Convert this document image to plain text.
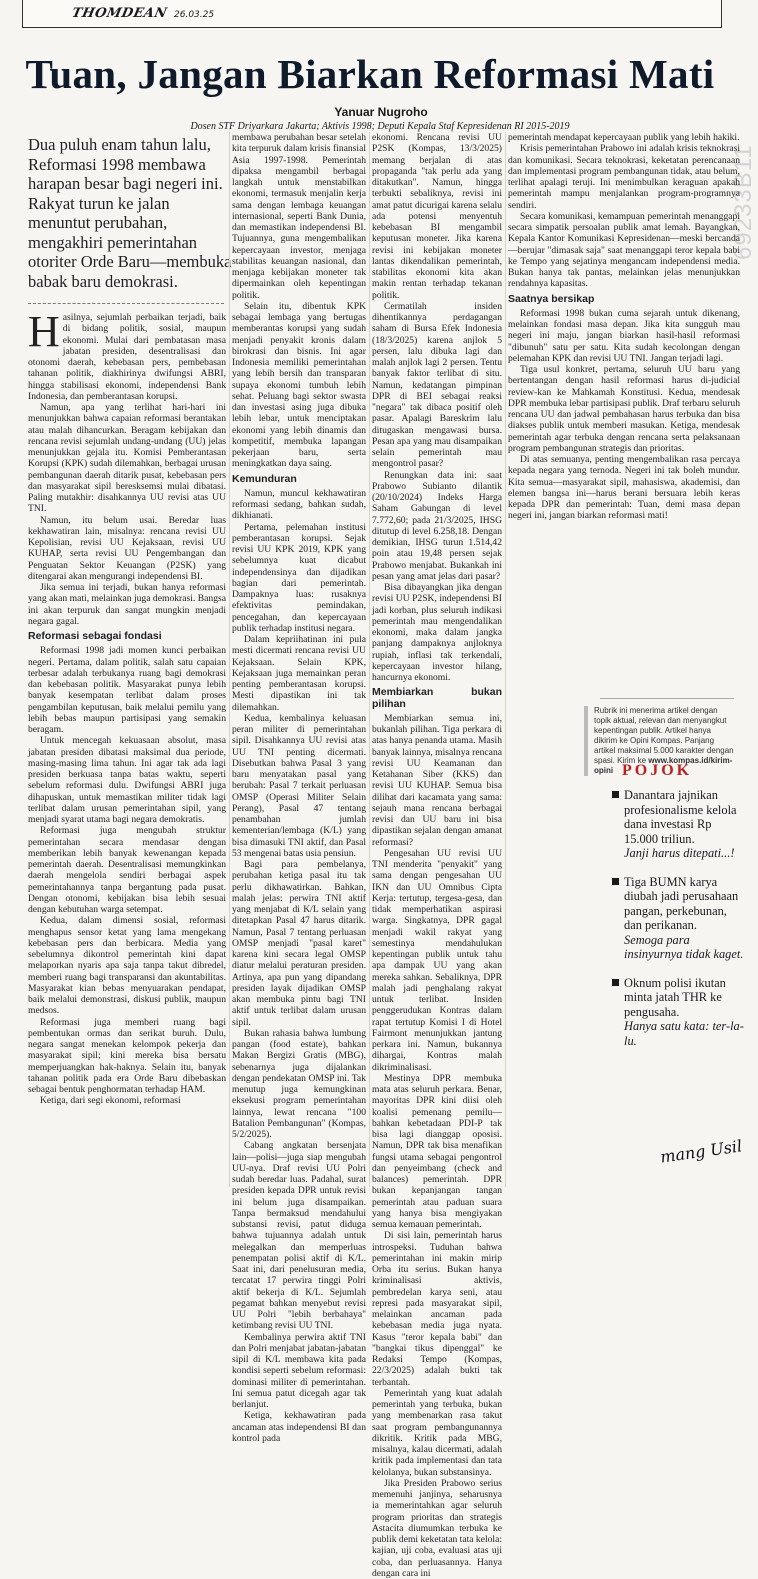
THOMDEAN 26.03.25
69233B11
Tuan, Jangan Biarkan Reformasi Mati
Yanuar Nugroho
Dosen STF Driyarkara Jakarta; Aktivis 1998; Deputi Kepala Staf Kepresidenan RI 2015-2019
Dua puluh enam tahun lalu, Reformasi 1998 membawa harapan besar bagi negeri ini. Rakyat turun ke jalan menuntut perubahan, mengakhiri pemerintahan otoriter Orde Baru—membuka babak baru demokrasi.

Hasilnya, sejumlah perbaikan terjadi, baik di bidang politik, sosial, maupun ekonomi. Mulai dari pembatasan masa jabatan presiden, desentralisasi dan otonomi daerah, kebebasan pers, pembebasan tahanan politik, diakhirinya dwifungsi ABRI, hingga stabilisasi ekonomi, independensi Bank Indonesia, dan pemberantasan korupsi.

Namun, apa yang terlihat hari-hari ini menunjukkan bahwa capaian reformasi berantakan atau malah dihancurkan. Beragam kebijakan dan rencana revisi sejumlah undang-undang (UU) jelas menunjukkan gejala itu. Komisi Pemberantasan Korupsi (KPK) sudah dilemahkan, berbagai urusan pembangunan daerah ditarik pusat, kebebasan pers dan masyarakat sipil beresksemsi mulai dibatasi. Paling mutakhir: disahkannya UU revisi atas UU TNI.

Namun, itu belum usai. Beredar luas kekhawatiran lain, misalnya: rencana revisi UU Kepolisian, revisi UU Kejaksaan, revisi UU KUHAP, serta revisi UU Pengembangan dan Penguatan Sektor Keuangan (P2SK) yang ditengarai akan mengurangi independensi BI.

Jika semua ini terjadi, bukan hanya reformasi yang akan mati, melainkan juga demokrasi. Bangsa ini akan terpuruk dan sangat mungkin menjadi negara gagal.

Reformasi sebagai fondasi

Reformasi 1998 jadi momen kunci perbaikan negeri. Pertama, dalam politik, salah satu capaian terbesar adalah terbukanya ruang bagi demokrasi dan kebebasan politik. Masyarakat punya lebih banyak kesempatan terlibat dalam proses pengambilan keputusan, baik melalui pemilu yang lebih bebas maupun partisipasi yang semakin beragam.

Untuk mencegah kekuasaan absolut, masa jabatan presiden dibatasi maksimal dua periode, masing-masing lima tahun. Ini agar tak ada lagi presiden berkuasa tanpa batas waktu, seperti sebelum reformasi dulu. Dwifungsi ABRI juga dihapuskan, untuk memastikan militer tidak lagi terlibat dalam urusan pemerintahan sipil, yang menjadi syarat utama bagi negara demokratis.

Reformasi juga mengubah struktur pemerintahan secara mendasar dengan memberikan lebih banyak kewenangan kepada pemerintah daerah. Desentralisasi memungkinkan daerah mengelola sendiri berbagai aspek pemerintahannya tanpa bergantung pada pusat. Dengan otonomi, kebijakan bisa lebih sesuai dengan kebutuhan warga setempat.

Kedua, dalam dimensi sosial, reformasi menghapus sensor ketat yang lama mengekang kebebasan pers dan berbicara. Media yang sebelumnya dikontrol pemerintah kini dapat melaporkan nyaris apa saja tanpa takut dibredel, memberi ruang bagi transparansi dan akuntabilitas. Masyarakat kian bebas menyuarakan pendapat, baik melalui demonstrasi, diskusi publik, maupun medsos.

Reformasi juga memberi ruang bagi pembentukan ormas dan serikat buruh. Dulu, negara sangat menekan kelompok pekerja dan masyarakat sipil; kini mereka bisa bersatu memperjuangkan hak-haknya. Selain itu, banyak tahanan politik pada era Orde Baru dibebaskan sebagai bentuk penghormatan terhadap HAM.

Ketiga, dari segi ekonomi, reformasi

membawa perubahan besar setelah kita terpuruk dalam krisis finansial Asia 1997-1998. Pemerintah dipaksa mengambil berbagai langkah untuk menstabilkan ekonomi, termasuk menjalin kerja sama dengan lembaga keuangan internasional, seperti Bank Dunia, dan memastikan independensi BI. Tujuannya, guna mengembalikan kepercayaan investor, menjaga stabilitas keuangan nasional, dan menjaga kebijakan moneter tak dipermainkan oleh kepentingan politik.

Selain itu, dibentuk KPK sebagai lembaga yang bertugas memberantas korupsi yang sudah menjadi penyakit kronis dalam birokrasi dan bisnis. Ini agar Indonesia memiliki pemerintahan yang lebih bersih dan transparan supaya ekonomi tumbuh lebih sehat. Peluang bagi sektor swasta dan investasi asing juga dibuka lebih lebar, untuk menciptakan ekonomi yang lebih dinamis dan kompetitif, membuka lapangan pekerjaan baru, serta meningkatkan daya saing.

Kemunduran

Namun, muncul kekhawatiran reformasi sedang, bahkan sudah, dikhianati.

Pertama, pelemahan institusi pemberantasan korupsi. Sejak revisi UU KPK 2019, KPK yang sebelumnya kuat dicabut independensinya dan dijadikan bagian dari pemerintah. Dampaknya luas: rusaknya efektivitas pemindakan, pencegahan, dan kepercayaan publik terhadap institusi negara.

Dalam kepriihatinan ini pula mesti dicermati rencana revisi UU Kejaksaan. Selain KPK, Kejaksaan juga memainkan peran penting pemberantasan korupsi. Mesti dipastikan ini tak dilemahkan.

Kedua, kembalinya keluasan peran militer di pemerintahan sipil. Disahkannya UU revisi atas UU TNI penting dicermati. Disebutkan bahwa Pasal 3 yang baru menyatakan pasal yang berubah: Pasal 7 terkait perluasan OMSP (Operasi Militer Selain Perang), Pasal 47 tentang penambahan jumlah kementerian/lembaga (K/L) yang bisa dimasuki TNI aktif, dan Pasal 53 mengenai batas usia pensiun.

Bagi para pembelanya, perubahan ketiga pasal itu tak perlu dikhawatirkan. Bahkan, malah jelas: perwira TNI aktif yang menjabat di K/L selain yang ditetapkan Pasal 47 harus ditarik. Namun, Pasal 7 tentang perluasan OMSP menjadi "pasal karet" karena kini secara legal OMSP diatur melalui peraturan presiden. Artinya, apa pun yang dipandang presiden layak dijadikan OMSP akan membuka pintu bagi TNI aktif untuk terlibat dalam urusan sipil.

Bukan rahasia bahwa lumbung pangan (food estate), bahkan Makan Bergizi Gratis (MBG), sebenarnya juga dijalankan dengan pendekatan OMSP ini. Tak menutup juga kemungkinan eksekusi program pemerintahan lainnya, lewat rencana "100 Batalion Pembangunan" (Kompas, 5/2/2025).

Cabang angkatan bersenjata lain—polisi—juga siap mengubah UU-nya. Draf revisi UU Polri sudah beredar luas. Padahal, surat presiden kepada DPR untuk revisi ini belum juga disampaikan. Tanpa bermaksud mendahului substansi revisi, patut diduga bahwa tujuannya adalah untuk melegalkan dan memperluas penempatan polisi aktif di K/L. Saat ini, dari penelusuran media, tercatat 17 perwira tinggi Polri aktif bekerja di K/L. Sejumlah pegamat bahkan menyebut revisi UU Polri "lebih berbahaya" ketimbang revisi UU TNI.

Kembalinya perwira aktif TNI dan Polri menjabat jabatan-jabatan sipil di K/L membawa kita pada kondisi seperti sebelum reformasi: dominasi militer di pemerintahan. Ini semua patut dicegah agar tak berlanjut.

Ketiga, kekhawatiran pada ancaman atas independensi BI dan kontrol pada

ekonomi. Rencana revisi UU P2SK (Kompas, 13/3/2025) memang berjalan di atas propaganda "tak perlu ada yang ditakutkan". Namun, hingga terbukti sebaliknya, revisi ini amat patut dicurigai karena selalu ada potensi menyentuh kebebasan BI mengambil keputusan moneter. Jika karena revisi ini kebijakan moneter lantas dikendalikan pemerintah, stabilitas ekonomi kita akan makin rentan terhadap tekanan politik.

Cermatilah insiden dihentikannya perdagangan saham di Bursa Efek Indonesia (18/3/2025) karena anjlok 5 persen, lalu dibuka lagi dan malah anjlok lagi 2 persen. Tentu banyak faktor terlibat di situ. Namun, kedatangan pimpinan DPR di BEI sebagai reaksi "negara" tak dibaca positif oleh pasar. Apalagi Bareskrim lalu ditugaskan mengawasi bursa. Pesan apa yang mau disampaikan selain pemerintah mau mengontrol pasar?

Renungkan data ini: saat Prabowo Subianto dilantik (20/10/2024) Indeks Harga Saham Gabungan di level 7.772,60; pada 21/3/2025, IHSG ditutup di level 6.258,18. Dengan demikian, IHSG turun 1.514,42 poin atau 19,48 persen sejak Prabowo menjabat. Bukankah ini pesan yang amat jelas dari pasar?

Bisa dibayangkan jika dengan revisi UU P2SK, independensi BI jadi korban, plus seluruh indikasi pemerintah mau mengendalikan ekonomi, maka dalam jangka panjang dampaknya anjloknya rupiah, inflasi tak terkendali, kepercayaan investor hilang, hancurnya ekonomi.

Membiarkan bukan pilihan

Membiarkan semua ini, bukanlah pilihan. Tiga perkara di atas hanya penanda utama. Masih banyak lainnya, misalnya rencana revisi UU Keamanan dan Ketahanan Siber (KKS) dan revisi UU KUHAP. Semua bisa dilihat dari kacamata yang sama: sejauh mana rencana berbagai revisi dan UU baru ini bisa dipastikan sejalan dengan amanat reformasi?

Pengesahan UU revisi UU TNI menderita "penyakit" yang sama dengan pengesahan UU IKN dan UU Omnibus Cipta Kerja: tertutup, tergesa-gesa, dan tidak memperhatikan aspirasi warga. Singkatnya, DPR gagal menjadi wakil rakyat yang semestinya mendahulukan kepentingan publik untuk tahu apa dampak UU yang akan mereka sahkan. Sebaliknya, DPR malah jadi penghalang rakyat untuk terlibat. Insiden penggerudukan Kontras dalam rapat tertutup Komisi I di Hotel Fairmont menunjukkan jantung perkara ini. Namun, bukannya dihargai, Kontras malah dikriminalisasi.

Mestinya DPR membuka mata atas seluruh perkara. Benar, mayoritas DPR kini diisi oleh koalisi pemenang pemilu—bahkan kebetadaan PDI-P tak bisa lagi dianggap oposisi. Namun, DPR tak bisa menafikan fungsi utama sebagai pengontrol dan penyeimbang (check and balances) pemerintah. DPR bukan kepanjangan tangan pemerintah atau paduan suara yang hanya bisa mengiyakan semua kemauan pemerintah.

Di sisi lain, pemerintah harus introspeksi. Tuduhan bahwa pemerintahan ini makin mirip Orba itu serius. Bukan hanya kriminalisasi aktivis, pembredelan karya seni, atau represi pada masyarakat sipil, melainkan ancaman pada kebebasan media juga nyata. Kasus "teror kepala babi" dan "bangkai tikus dipenggal" ke Redaksi Tempo (Kompas, 22/3/2025) adalah bukti tak terbantah.

Pemerintah yang kuat adalah pemerintah yang terbuka, bukan yang membenarkan rasa takut saat program pembangunannya dikritik. Kritik pada MBG, misalnya, kalau dicermati, adalah kritik pada implementasi dan tata kelolanya, bukan substansinya.

Jika Presiden Prabowo serius memenuhi janjinya, seharusnya ia memerintahkan agar seluruh program prioritas dan strategis Astacita diumumkan terbuka ke publik demi keketatan tata kelola: kajian, uji coba, evaluasi atas uji coba, dan perluasannya. Hanya dengan cara ini

pemerintah mendapat kepercayaan publik yang lebih hakiki.

Krisis pemerintahan Prabowo ini adalah krisis teknokrasi dan komunikasi. Secara teknokrasi, keketatan perencanaan dan implementasi program pembangunan tidak, atau belum, terlihat apalagi teruji. Ini menimbulkan keraguan apakah pemerintah mampu menjalankan program-programnya sendiri.

Secara komunikasi, kemampuan pemerintah menanggapi secara simpatik persoalan publik amat lemah. Bayangkan, Kepala Kantor Komunikasi Kepresidenan—meski bercanda—berujar "dimasak saja" saat menanggapi teror kepala babi ke Tempo yang sejatinya mengancam independensi media. Bukan hanya tak pantas, melainkan jelas menunjukkan rendahnya kapasitas.

Saatnya bersikap

Reformasi 1998 bukan cuma sejarah untuk dikenang, melainkan fondasi masa depan. Jika kita sungguh mau negeri ini maju, jangan biarkan hasil-hasil reformasi "dibunuh" satu per satu. Kita sudah kecolongan dengan pelemahan KPK dan revisi UU TNI. Jangan terjadi lagi.

Tiga usul konkret, pertama, seluruh UU baru yang bertentangan dengan hasil reformasi harus di-judicial review-kan ke Mahkamah Konstitusi. Kedua, mendesak DPR membuka lebar partisipasi publik. Draf terbaru seluruh rencana UU dan jadwal pembahasan harus terbuka dan bisa diakses publik untuk memberi masukan. Ketiga, mendesak pemerintah agar terbuka dengan rencana serta pelaksanaan program pembangunan strategis dan prioritas.

Di atas semuanya, penting mengembalikan rasa percaya kepada negara yang ternoda. Negeri ini tak boleh mundur. Kita semua—masyarakat sipil, mahasiswa, akademisi, dan elemen bangsa ini—harus berani bersuara lebih keras kepada DPR dan pemerintah: Tuan, demi masa depan negeri ini, jangan biarkan reformasi mati!

Rubrik ini menerima artikel dengan topik aktual, relevan dan menyangkut kepentingan publik. Artikel hanya dikirim ke Opini Kompas. Panjang artikel maksimal 5.000 karakter dengan spasi. Kirim ke www.kompas.id/kirim-opini POJOK
Danantara jajnikan profesionalisme kelola dana investasi Rp 15.000 triliun.
Janji harus ditepati...!
Tiga BUMN karya diubah jadi perusahaan pangan, perkebunan, dan perikanan.
Semoga para insinyurnya tidak kaget.
Oknum polisi ikutan minta jatah THR ke pengusaha.
Hanya satu kata: ter-la-lu.
mang Usil
